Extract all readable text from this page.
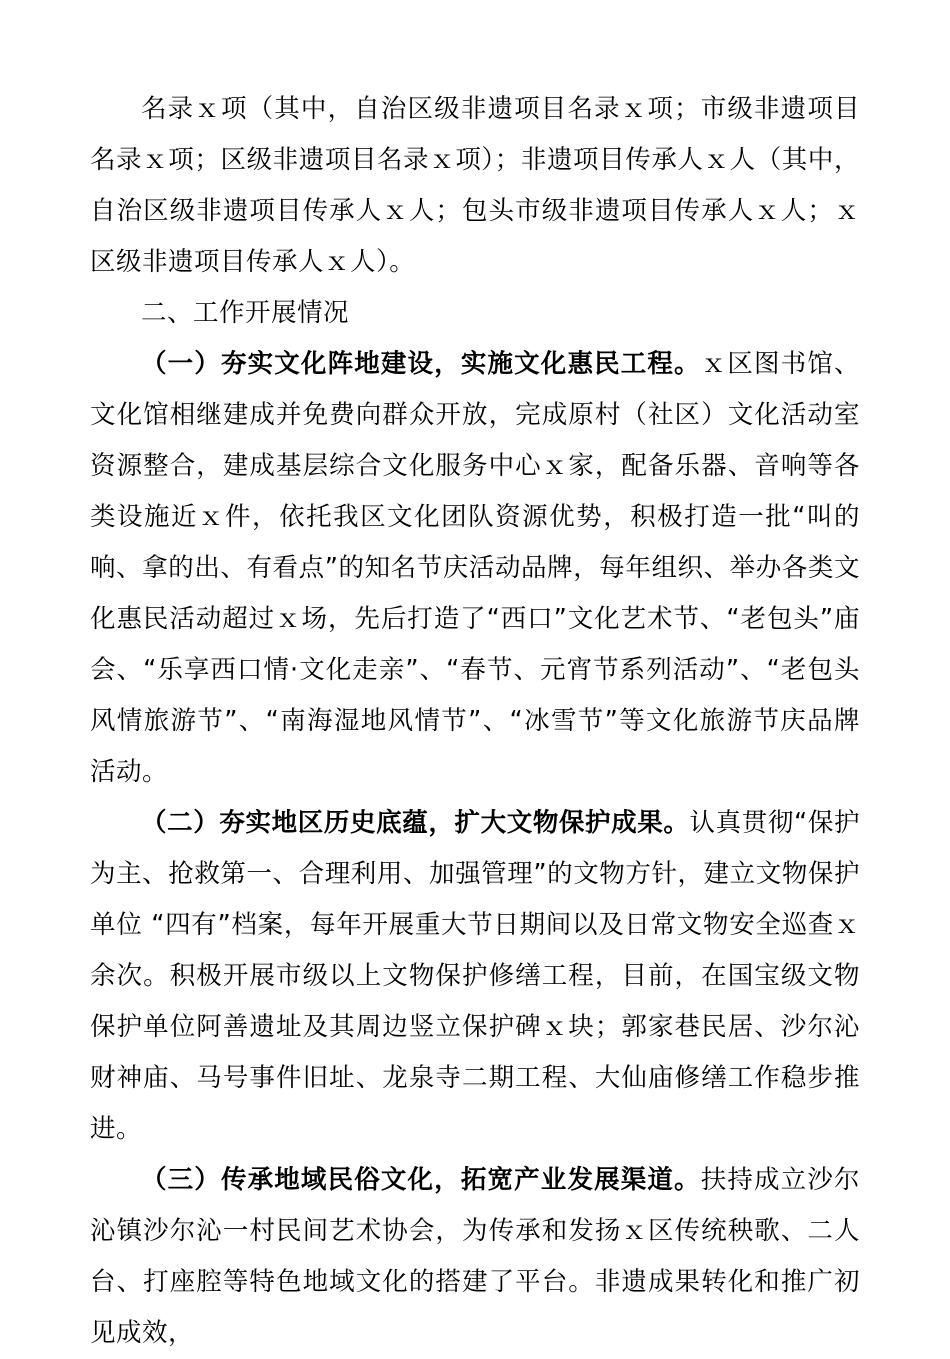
名录ｘ项（其中，自治区级非遗项目名录ｘ项；市级非遗项目名录ｘ项；区级非遗项目名录ｘ项）；非遗项目传承人ｘ人（其中，自治区级非遗项目传承人ｘ人；包头市级非遗项目传承人ｘ人；ｘ区级非遗项目传承人ｘ人）。

二、工作开展情况

（一）夯实文化阵地建设，实施文化惠民工程。ｘ区图书馆、文化馆相继建成并免费向群众开放，完成原村（社区）文化活动室资源整合，建成基层综合文化服务中心ｘ家，配备乐器、音响等各类设施近ｘ件，依托我区文化团队资源优势，积极打造一批“叫的响、拿的出、有看点”的知名节庆活动品牌，每年组织、举办各类文化惠民活动超过ｘ场，先后打造了“西口”文化艺术节、“老包头”庙会、“乐享西口情·文化走亲”、“春节、元宵节系列活动”、“老包头风情旅游节”、“南海湿地风情节”、“冰雪节”等文化旅游节庆品牌活动。

（二）夯实地区历史底蕴，扩大文物保护成果。认真贯彻“保护为主、抢救第一、合理利用、加强管理”的文物方针，建立文物保护单位 “四有”档案，每年开展重大节日期间以及日常文物安全巡查ｘ余次。积极开展市级以上文物保护修缮工程，目前，在国宝级文物保护单位阿善遗址及其周边竖立保护碑ｘ块；郭家巷民居、沙尔沁财神庙、马号事件旧址、龙泉寺二期工程、大仙庙修缮工作稳步推进。

（三）传承地域民俗文化，拓宽产业发展渠道。扶持成立沙尔沁镇沙尔沁一村民间艺术协会，为传承和发扬ｘ区传统秧歌、二人台、打座腔等特色地域文化的搭建了平台。非遗成果转化和推广初见成效，
